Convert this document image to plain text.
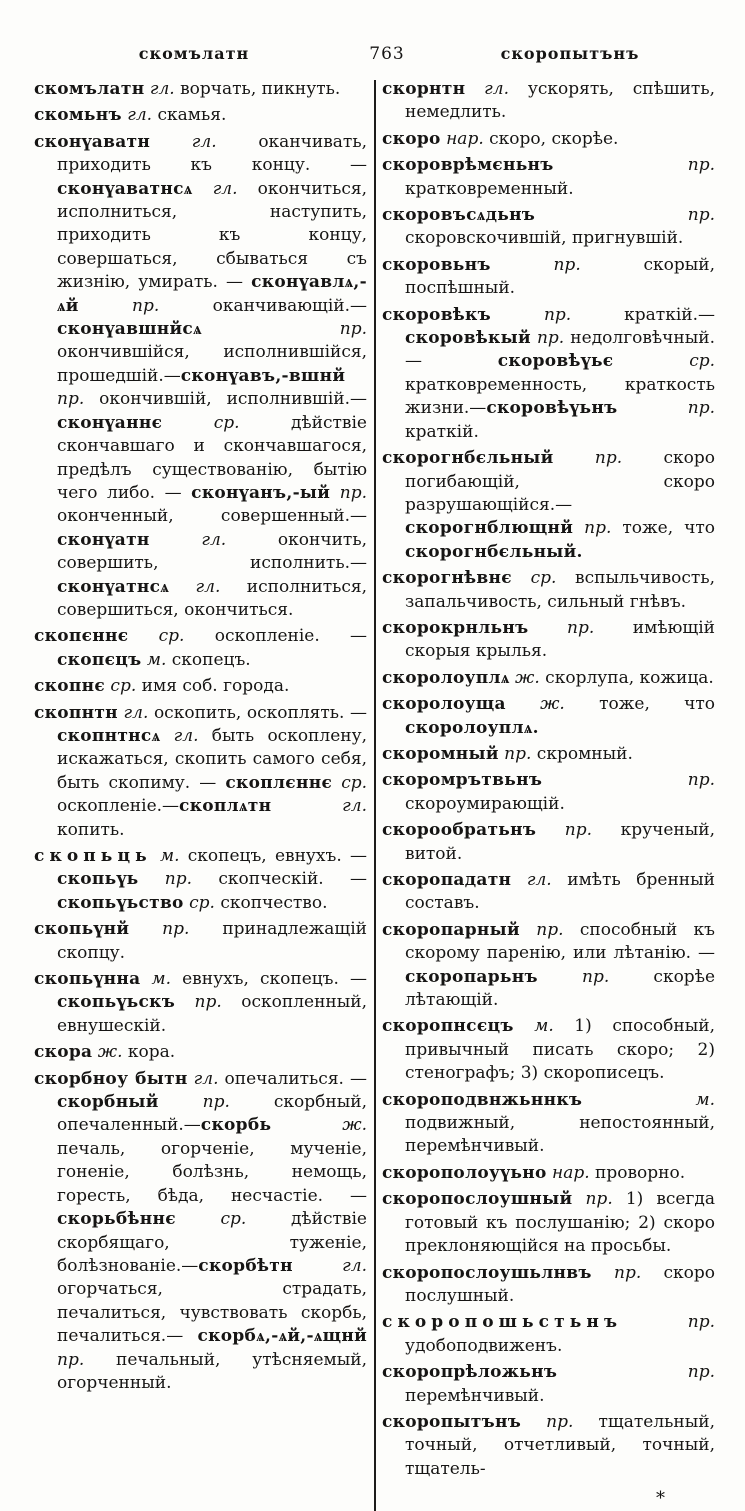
скомълатн	763	скоропытънъ

скомълатн гл. ворчать, пикнуть.

скомьнъ гл. скамья.

сконүаватн гл. оканчивать, приходить къ концу. — сконүаватнсѧ гл. окончиться, исполниться, наступить, приходить къ концу, совершаться, сбываться съ жизнію, умирать. — сконүавлѧ,-ѧй пр. оканчивающій.—сконүавшнйсѧ пр. окончившійся, исполнившійся, прошедшій.—сконүавъ,-вшнй пр. окончившій, исполнившій.—сконүаннє ср. дѣйствіе скончавшаго и скончавшагося, предѣлъ существованію, бытію чего либо. — сконүанъ,-ый пр. оконченный, совершенный.—сконүатн гл. окончить, совершить, исполнить.—сконүатнсѧ гл. исполниться, совершиться, окончиться.

скопєннє ср. оскопленіе. — скопєцъ м. скопецъ.

скопнє ср. имя соб. города.

скопнтн гл. оскопить, оскоплять. — скопнтнсѧ гл. быть оскоплену, искажаться, скопить самого себя, быть скопиму. — скоплєннє ср. оскопленіе.—скоплѧтн гл. копить.

скопьць м. скопецъ, евнухъ. — скопьүь пр. скопческій. — скопьүьство ср. скопчество.

скопьүнй пр. принадлежащій скопцу.

скопьүнна м. евнухъ, скопецъ. — скопьүьскъ пр. оскопленный, евнушескій.

скора ж. кора.

скорбноу бытн гл. опечалиться. — скорбный пр. скорбный, опечаленный.—скорбь ж. печаль, огорченіе, мученіе, гоненіе, болѣзнь, немощь, горесть, бѣда, несчастіе. — скорьбѣннє ср. дѣйствіе скорбящаго, туженіе, болѣзнованіе.—скорбѣтн гл. огорчаться, страдать, печалиться, чувствовать скорбь, печалиться.— скорбѧ,-ѧй,-ѧщнй пр. печальный, утѣсняемый, огорченный.

скорнтн гл. ускорять, спѣшить, немедлить.

скоро нар. скоро, скорѣе.

скороврѣмєньнъ пр. кратковременный.

скоровъсѧдьнъ пр. скоровскочившій, пригнувшій.

скоровьнъ пр. скорый, поспѣшный.

скоровѣкъ пр. краткій.—скоровѣкый пр. недолговѣчный. — скоровѣүьє ср. кратковременность, краткость жизни.—скоровѣүьнъ пр. краткій.

скорогнбєльный пр. скоро погибающій, скоро разрушающійся.—скорогнблющнй пр. тоже, что скорогнбєльный.

скорогнѣвнє ср. вспыльчивость, запальчивость, сильный гнѣвъ.

скорокрнльнъ пр. имѣющій скорыя крылья.

скоролоуплѧ ж. скорлупа, кожица.

скоролоуща ж. тоже, что скоролоуплѧ.

скоромный пр. скромный.

скоромрътвьнъ пр. скороумирающій.

скорообратьнъ пр. крученый, витой.

скоропадатн гл. имѣть бренный составъ.

скоропарный пр. способный къ скорому паренію, или лѣтанію. — скоропарьнъ пр. скорѣе лѣтающій.

скоропнсєцъ м. 1) способный, привычный писать скоро; 2) стенографъ; 3) скорописецъ.

скороподвнжьннкъ м. подвижный, непостоянный, перемѣнчивый.

скорополоуүьно нар. проворно.

скоропослоушный пр. 1) всегда готовый къ послушанію; 2) скоро преклоняющійся на просьбы.

скоропослоушьлнвъ пр. скоро послушный.

скоропошьстьнъ пр. удобоподвиженъ.

скоропрѣложьнъ пр. перемѣнчивый.

скоропытънъ пр. тщательный, точный, отчетливый, точный, тщатель-

*
